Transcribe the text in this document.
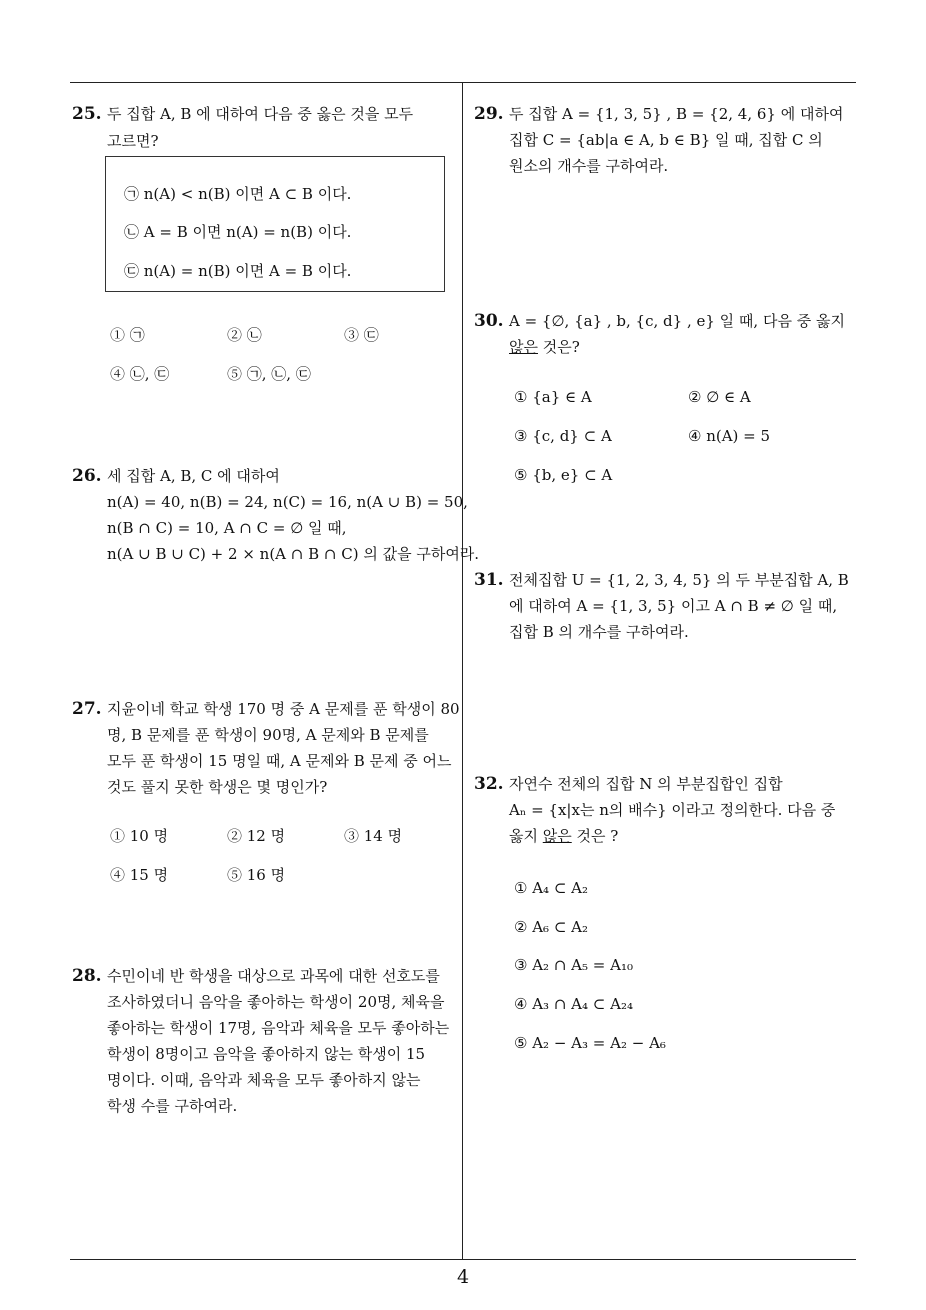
25. 두 집합 A, B 에 대하여 다음 중 옳은 것을 모두
고르면?
㉠ n(A) < n(B) 이면 A ⊂ B 이다.
㉡ A = B 이면 n(A) = n(B) 이다.
㉢ n(A) = n(B) 이면 A = B 이다.
① ㉠	② ㉡	③ ㉢
④ ㉡, ㉢	⑤ ㉠, ㉡, ㉢
26. 세 집합 A, B, C 에 대하여
n(A) = 40, n(B) = 24, n(C) = 16, n(A ∪ B) = 50,
n(B ∩ C) = 10, A ∩ C = ∅ 일 때,
n(A ∪ B ∪ C) + 2 × n(A ∩ B ∩ C) 의 값을 구하여라.
27. 지윤이네 학교 학생 170 명 중 A 문제를 푼 학생이 80
명, B 문제를 푼 학생이 90명, A 문제와 B 문제를
모두 푼 학생이 15 명일 때, A 문제와 B 문제 중 어느
것도 풀지 못한 학생은 몇 명인가?
① 10 명	② 12 명	③ 14 명
④ 15 명	⑤ 16 명
28. 수민이네 반 학생을 대상으로 과목에 대한 선호도를
조사하였더니 음악을 좋아하는 학생이 20명, 체육을
좋아하는 학생이 17명, 음악과 체육을 모두 좋아하는
학생이 8명이고 음악을 좋아하지 않는 학생이 15
명이다. 이때, 음악과 체육을 모두 좋아하지 않는
학생 수를 구하여라.
29. 두 집합 A = {1, 3, 5} , B = {2, 4, 6} 에 대하여
집합 C = {ab|a ∈ A, b ∈ B} 일 때, 집합 C 의
원소의 개수를 구하여라.
30. A = {∅, {a} , b, {c, d} , e} 일 때, 다음 중 옳지
않은 것은?
① {a} ∈ A	② ∅ ∈ A
③ {c, d} ⊂ A	④ n(A) = 5
⑤ {b, e} ⊂ A
31. 전체집합 U = {1, 2, 3, 4, 5} 의 두 부분집합 A, B
에 대하여 A = {1, 3, 5} 이고 A ∩ B ≠ ∅ 일 때,
집합 B 의 개수를 구하여라.
32. 자연수 전체의 집합 N 의 부분집합인 집합
Aₙ = {x|x는 n의 배수} 이라고 정의한다. 다음 중
옳지 않은 것은 ?
① A₄ ⊂ A₂
② A₆ ⊂ A₂
③ A₂ ∩ A₅ = A₁₀
④ A₃ ∩ A₄ ⊂ A₂₄
⑤ A₂ − A₃ = A₂ − A₆
4
